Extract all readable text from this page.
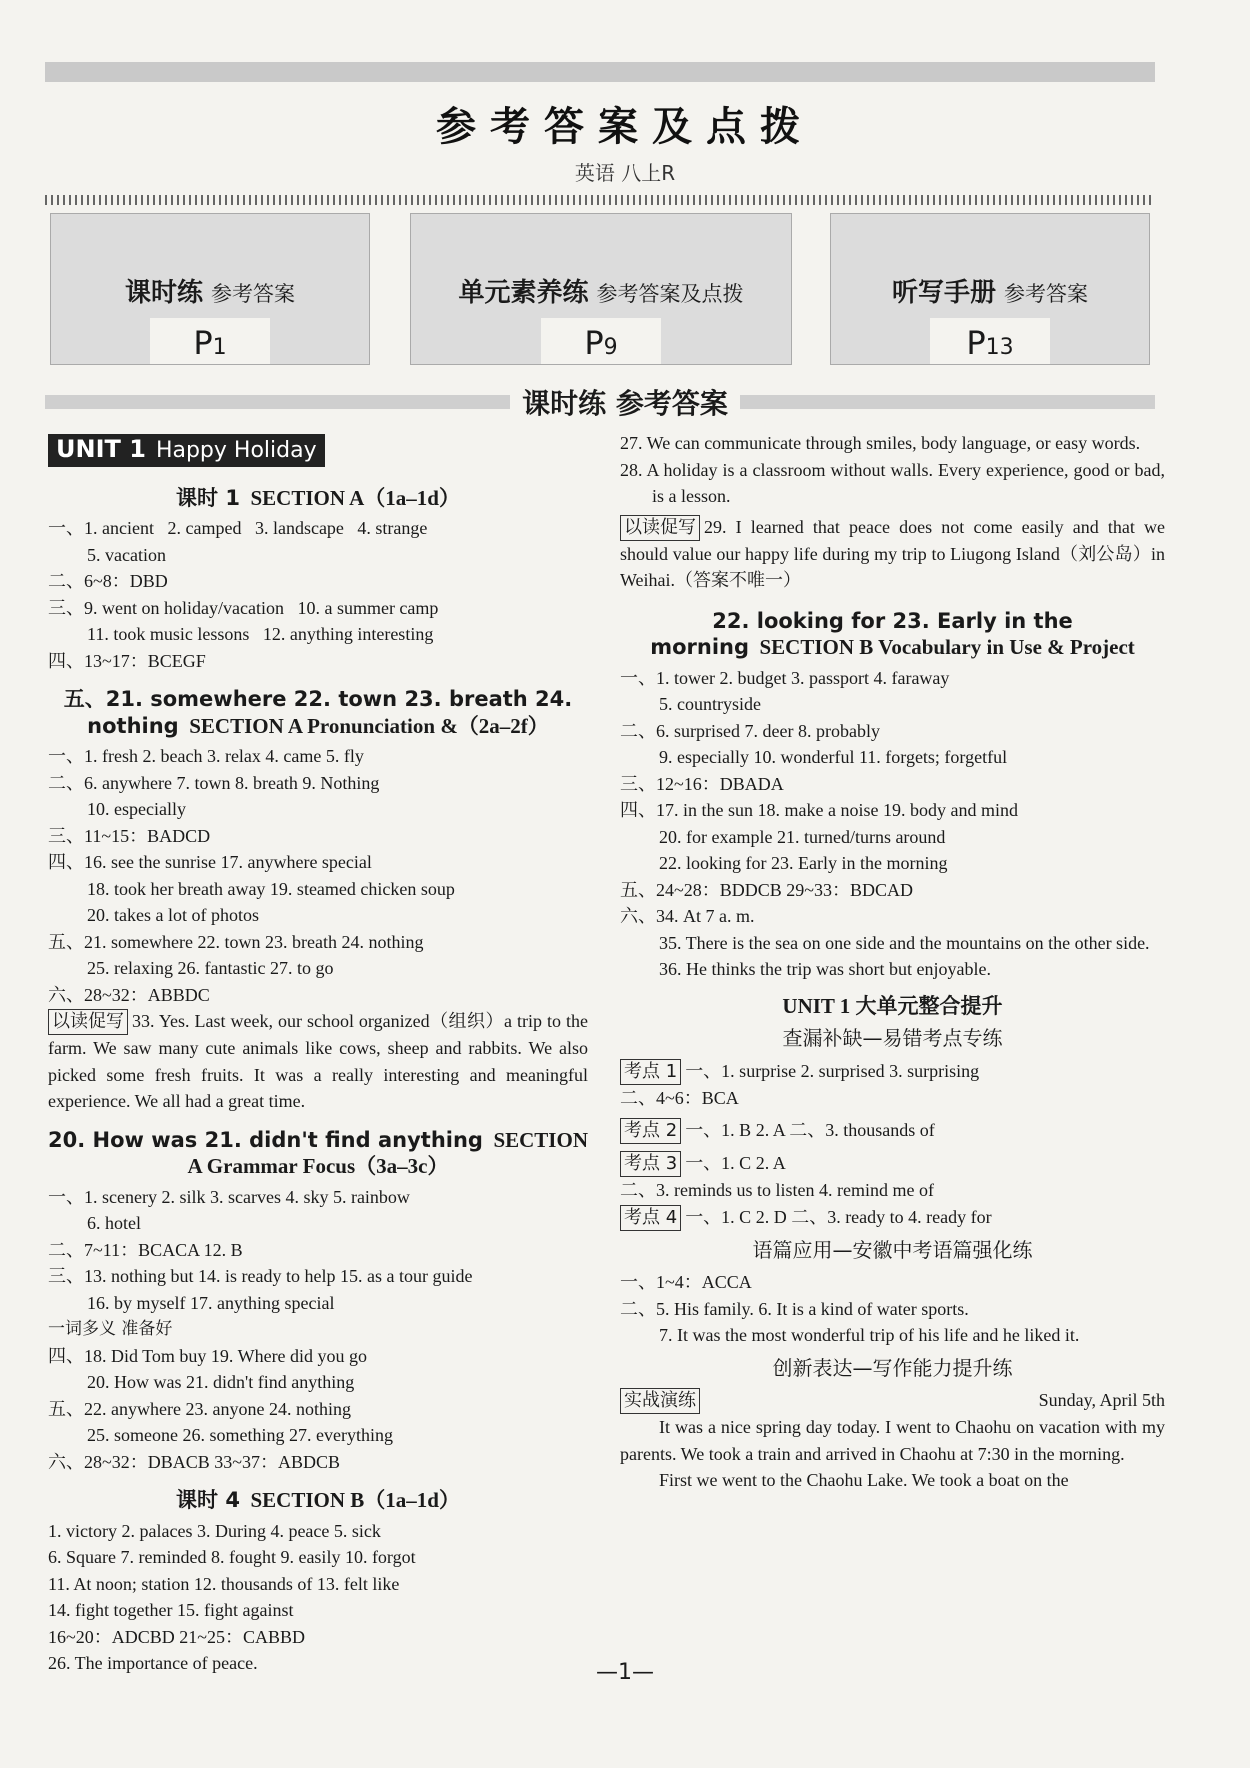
参考答案及点拨
英语 八上R
课时练 参考答案
P1
单元素养练 参考答案及点拨
P9
听写手册 参考答案
P13
课时练 参考答案
UNIT 1 Happy Holiday
课时 1 SECTION A（1a–1d）
一、1. ancient 2. camped 3. landscape 4. strange
5. vacation
二、6~8：DBD
三、9. went on holiday/vacation 10. a summer camp
11. took music lessons 12. anything interesting
四、13~17：BCEGF
五、21. somewhere 22. town 23. breath 24. nothing SECTION A Pronunciation &（2a–2f）
一、1. fresh 2. beach 3. relax 4. came 5. fly
二、6. anywhere 7. town 8. breath 9. Nothing
10. especially
三、11~15：BADCD
四、16. see the sunrise 17. anywhere special
18. took her breath away 19. steamed chicken soup
20. takes a lot of photos
五、21. somewhere 22. town 23. breath 24. nothing
25. relaxing 26. fantastic 27. to go
六、28~32：ABBDC
以读促写 33. Yes. Last week, our school organized（组织）a trip to the farm. We saw many cute animals like cows, sheep and rabbits. We also picked some fresh fruits. It was a really interesting and meaningful experience. We all had a great time.
20. How was 21. didn't find anything SECTION A Grammar Focus（3a–3c）
一、1. scenery 2. silk 3. scarves 4. sky 5. rainbow
6. hotel
二、7~11：BCACA 12. B
三、13. nothing but 14. is ready to help 15. as a tour guide
16. by myself 17. anything special
一词多义 准备好
四、18. Did Tom buy 19. Where did you go
20. How was 21. didn't find anything
五、22. anywhere 23. anyone 24. nothing
25. someone 26. something 27. everything
六、28~32：DBACB 33~37：ABDCB
课时 4 SECTION B（1a–1d）
1. victory 2. palaces 3. During 4. peace 5. sick
6. Square 7. reminded 8. fought 9. easily 10. forgot
11. At noon; station 12. thousands of 13. felt like
14. fight together 15. fight against
16~20：ADCBD 21~25：CABBD
26. The importance of peace.
27. We can communicate through smiles, body language, or easy words.
28. A holiday is a classroom without walls. Every experience, good or bad, is a lesson.
以读促写 29. I learned that peace does not come easily and that we should value our happy life during my trip to Liugong Island（刘公岛）in Weihai.（答案不唯一）
22. looking for 23. Early in the morning SECTION B Vocabulary in Use & Project
一、1. tower 2. budget 3. passport 4. faraway
5. countryside
二、6. surprised 7. deer 8. probably
9. especially 10. wonderful 11. forgets; forgetful
三、12~16：DBADA
四、17. in the sun 18. make a noise 19. body and mind
20. for example 21. turned/turns around
22. looking for 23. Early in the morning
五、24~28：BDDCB 29~33：BDCAD
六、34. At 7 a. m.
35. There is the sea on one side and the mountains on the other side.
36. He thinks the trip was short but enjoyable.
UNIT 1 大单元整合提升
查漏补缺—易错考点专练
考点 1 一、1. surprise 2. surprised 3. surprising
二、4~6：BCA
考点 2 一、1. B 2. A 二、3. thousands of
考点 3 一、1. C 2. A
二、3. reminds us to listen 4. remind me of
考点 4 一、1. C 2. D 二、3. ready to 4. ready for
语篇应用—安徽中考语篇强化练
一、1~4：ACCA
二、5. His family. 6. It is a kind of water sports.
7. It was the most wonderful trip of his life and he liked it.
创新表达—写作能力提升练
实战演练	Sunday, April 5th
It was a nice spring day today. I went to Chaohu on vacation with my parents. We took a train and arrived in Chaohu at 7:30 in the morning.
First we went to the Chaohu Lake. We took a boat on the
—1—
